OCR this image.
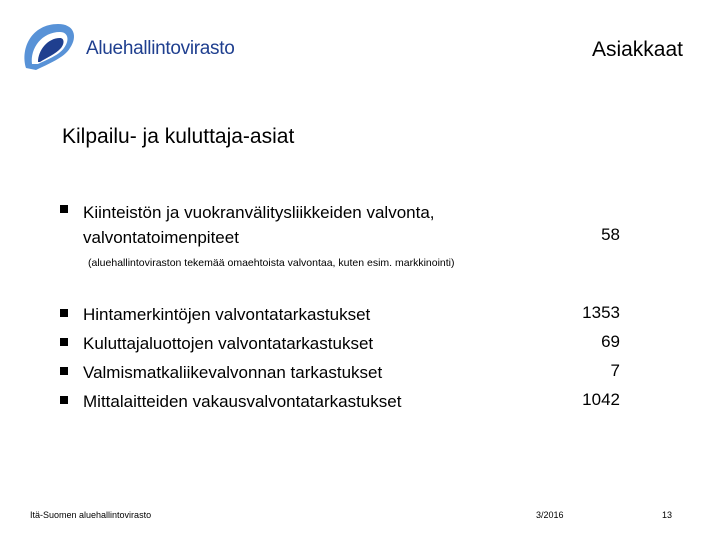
Aluehallintovirasto	Asiakkaat
Kilpailu- ja kuluttaja-asiat
Kiinteistön ja vuokranvälitysliikkeiden valvonta,
valvontatoimenpiteet	58
(aluehallintoviraston tekemää omaehtoista valvontaa, kuten esim. markkinointi)
Hintamerkintöjen valvontatarkastukset	1353
Kuluttajaluottojen valvontatarkastukset	69
Valmismatkaliikevalvonnan tarkastukset	7
Mittalaitteiden vakausvalvontatarkastukset	1042
Itä-Suomen aluehallintovirasto	3/2016	13
